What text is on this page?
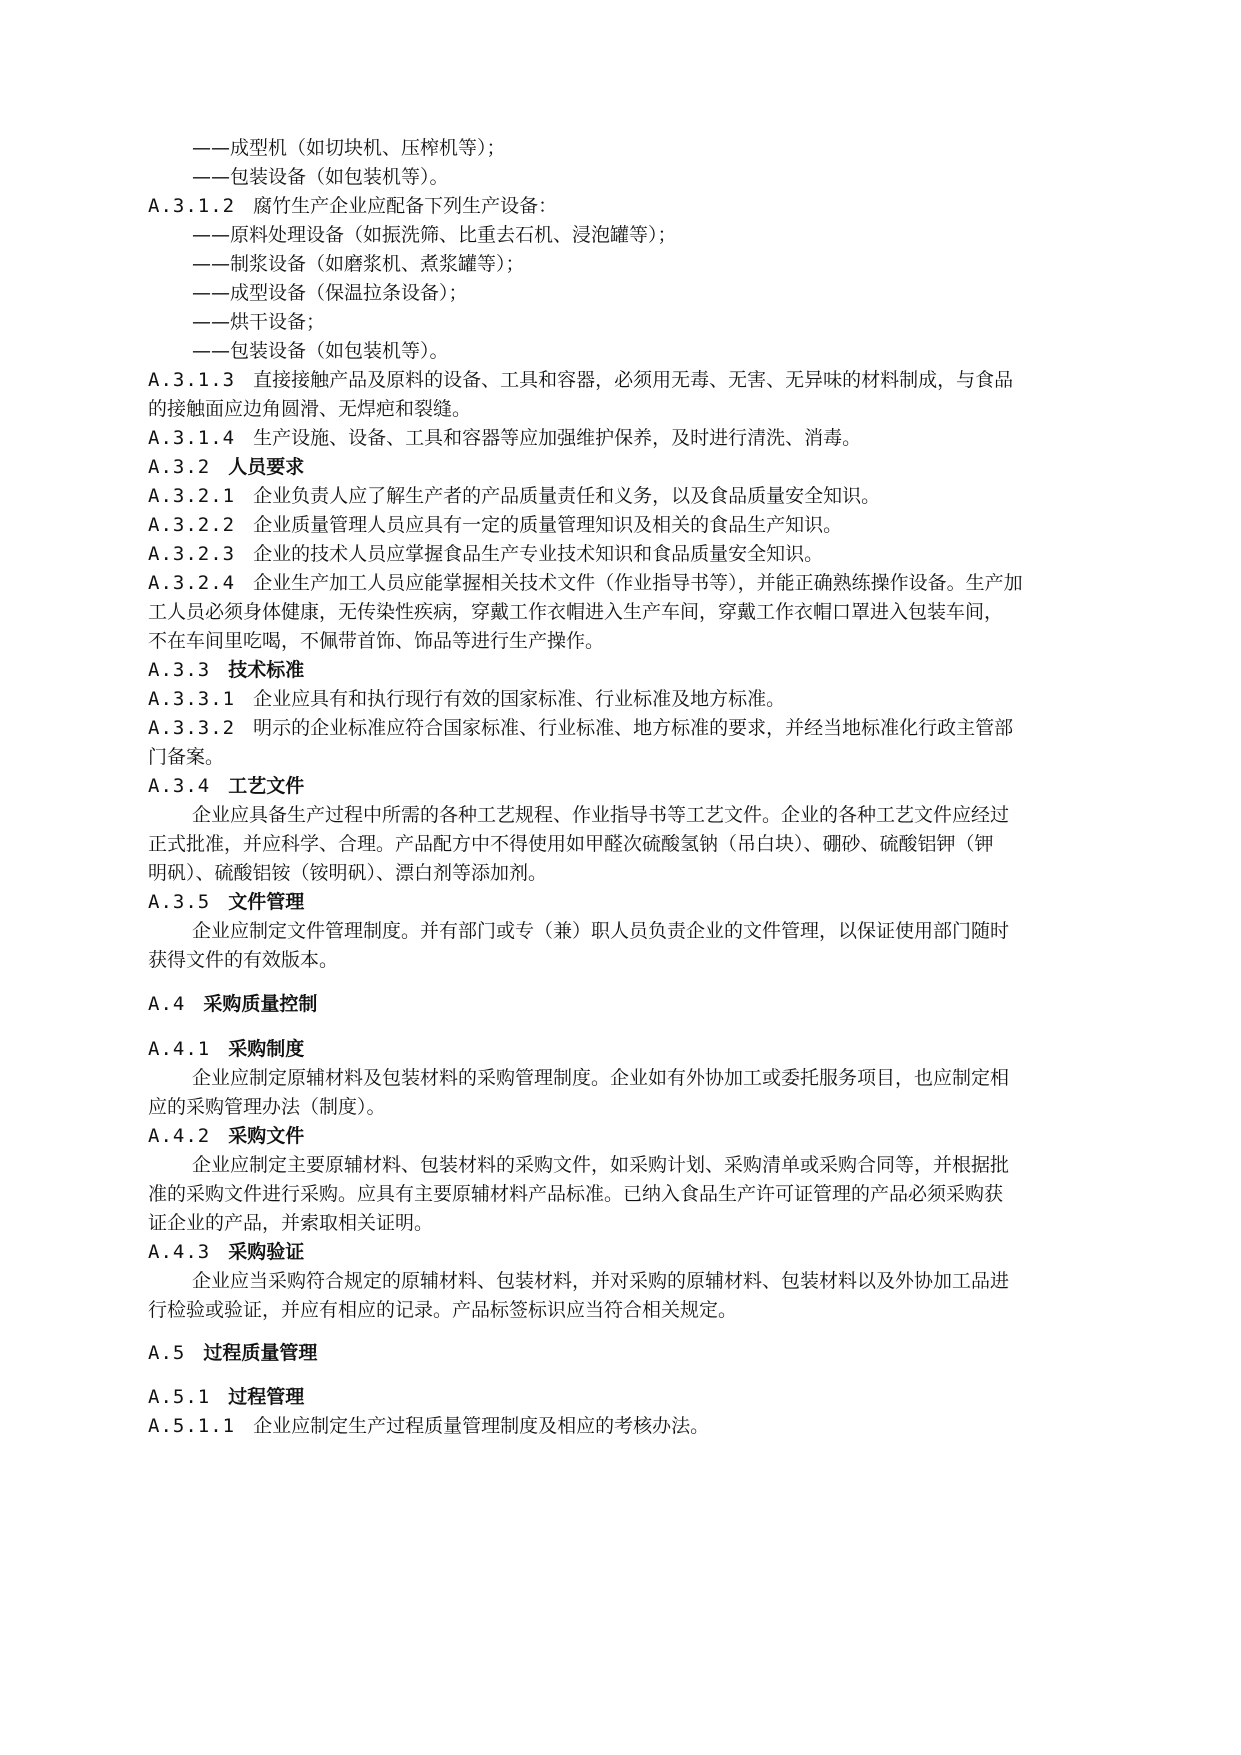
——成型机（如切块机、压榨机等）；
——包装设备（如包装机等）。
A.3.1.2 腐竹生产企业应配备下列生产设备：
——原料处理设备（如振洗筛、比重去石机、浸泡罐等）；
——制浆设备（如磨浆机、煮浆罐等）；
——成型设备（保温拉条设备）；
——烘干设备；
——包装设备（如包装机等）。
A.3.1.3 直接接触产品及原料的设备、工具和容器，必须用无毒、无害、无异味的材料制成，与食品
的接触面应边角圆滑、无焊疤和裂缝。
A.3.1.4 生产设施、设备、工具和容器等应加强维护保养，及时进行清洗、消毒。
A.3.2 人员要求
A.3.2.1 企业负责人应了解生产者的产品质量责任和义务，以及食品质量安全知识。
A.3.2.2 企业质量管理人员应具有一定的质量管理知识及相关的食品生产知识。
A.3.2.3 企业的技术人员应掌握食品生产专业技术知识和食品质量安全知识。
A.3.2.4 企业生产加工人员应能掌握相关技术文件（作业指导书等），并能正确熟练操作设备。生产加
工人员必须身体健康，无传染性疾病，穿戴工作衣帽进入生产车间，穿戴工作衣帽口罩进入包装车间，
不在车间里吃喝，不佩带首饰、饰品等进行生产操作。
A.3.3 技术标准
A.3.3.1 企业应具有和执行现行有效的国家标准、行业标准及地方标准。
A.3.3.2 明示的企业标准应符合国家标准、行业标准、地方标准的要求，并经当地标准化行政主管部
门备案。
A.3.4 工艺文件
企业应具备生产过程中所需的各种工艺规程、作业指导书等工艺文件。企业的各种工艺文件应经过
正式批准，并应科学、合理。产品配方中不得使用如甲醛次硫酸氢钠（吊白块）、硼砂、硫酸铝钾（钾
明矾）、硫酸铝铵（铵明矾）、漂白剂等添加剂。
A.3.5 文件管理
企业应制定文件管理制度。并有部门或专（兼）职人员负责企业的文件管理，以保证使用部门随时
获得文件的有效版本。
A.4 采购质量控制
A.4.1 采购制度
企业应制定原辅材料及包装材料的采购管理制度。企业如有外协加工或委托服务项目，也应制定相
应的采购管理办法（制度）。
A.4.2 采购文件
企业应制定主要原辅材料、包装材料的采购文件，如采购计划、采购清单或采购合同等，并根据批
准的采购文件进行采购。应具有主要原辅材料产品标准。已纳入食品生产许可证管理的产品必须采购获
证企业的产品，并索取相关证明。
A.4.3 采购验证
企业应当采购符合规定的原辅材料、包装材料，并对采购的原辅材料、包装材料以及外协加工品进
行检验或验证，并应有相应的记录。产品标签标识应当符合相关规定。
A.5 过程质量管理
A.5.1 过程管理
A.5.1.1 企业应制定生产过程质量管理制度及相应的考核办法。
